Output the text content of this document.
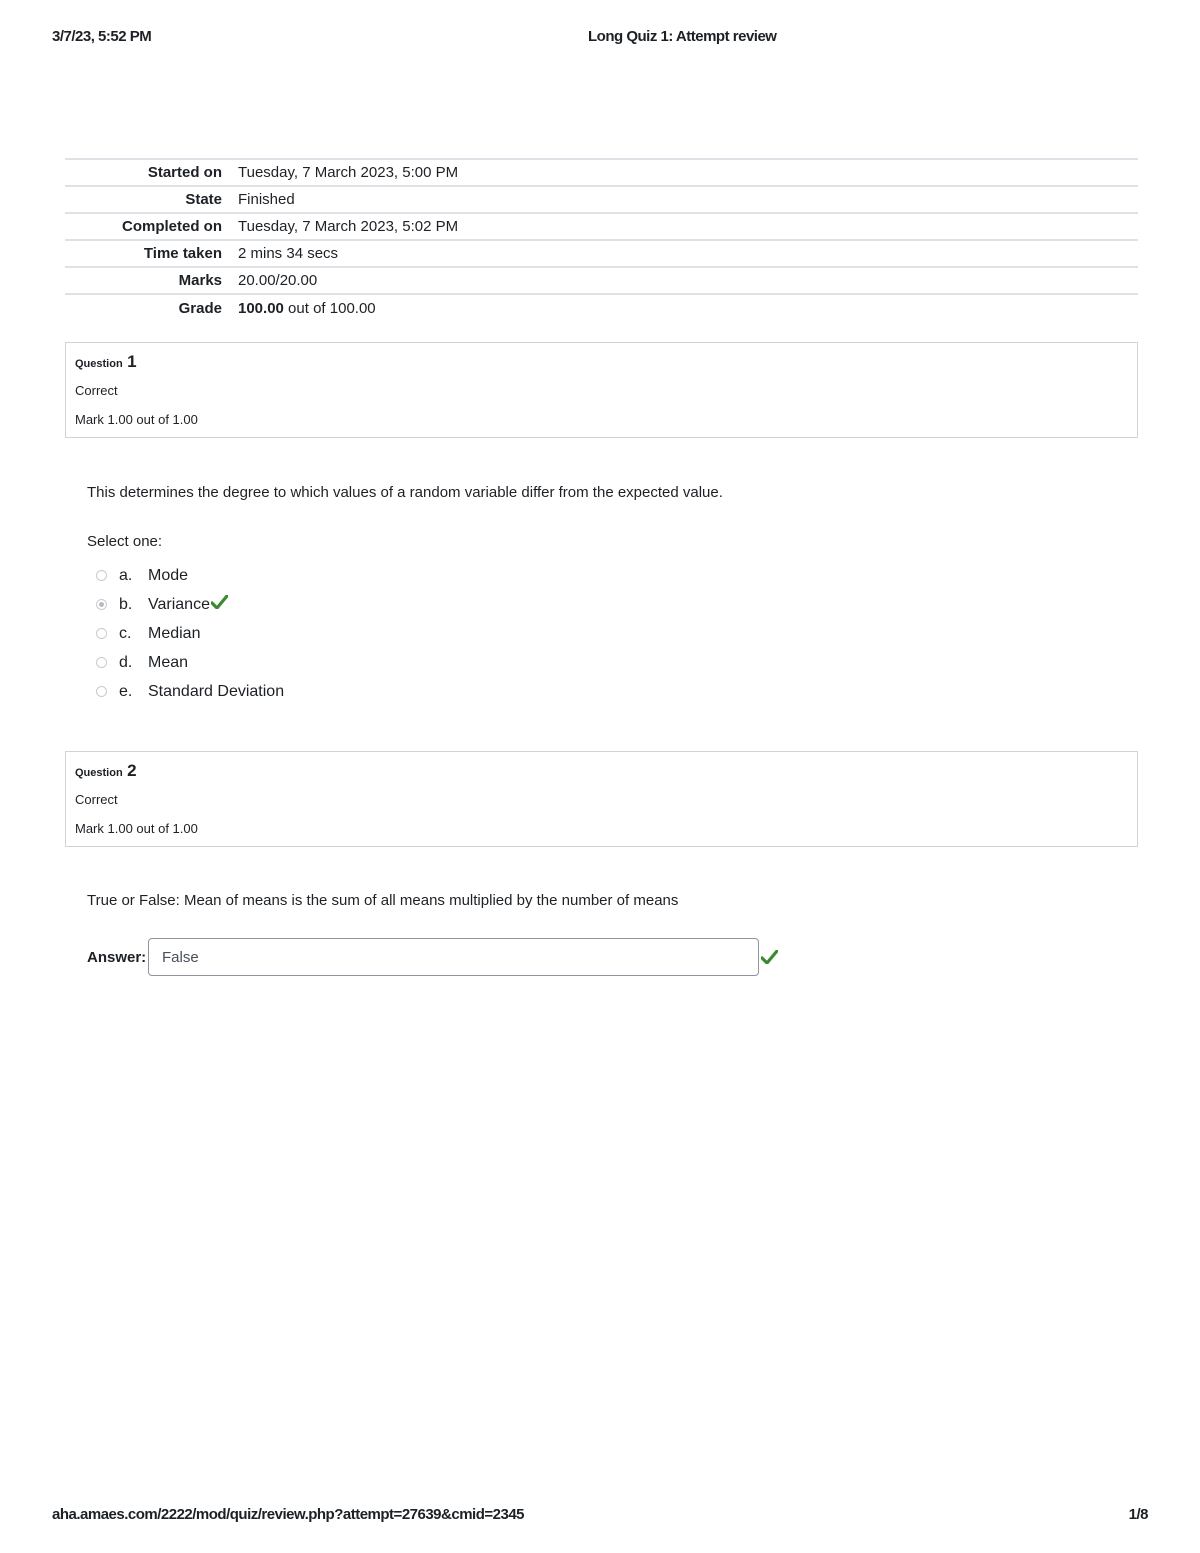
3/7/23, 5:52 PM	Long Quiz 1: Attempt review
Started on	Tuesday, 7 March 2023, 5:00 PM
State	Finished
Completed on	Tuesday, 7 March 2023, 5:02 PM
Time taken	2 mins 34 secs
Marks	20.00/20.00
Grade	100.00 out of 100.00
Question 1
Correct
Mark 1.00 out of 1.00
This determines the degree to which values of a random variable differ from the expected value.
Select one:
a. Mode
b. Variance
c.	Median
d. Mean
e. Standard Deviation
Question 2
Correct
Mark 1.00 out of 1.00
True or False: Mean of means is the sum of all means multiplied by the number of means
Answer:
False
aha.amaes.com/2222/mod/quiz/review.php?attempt=27639&cmid=2345	1/8
